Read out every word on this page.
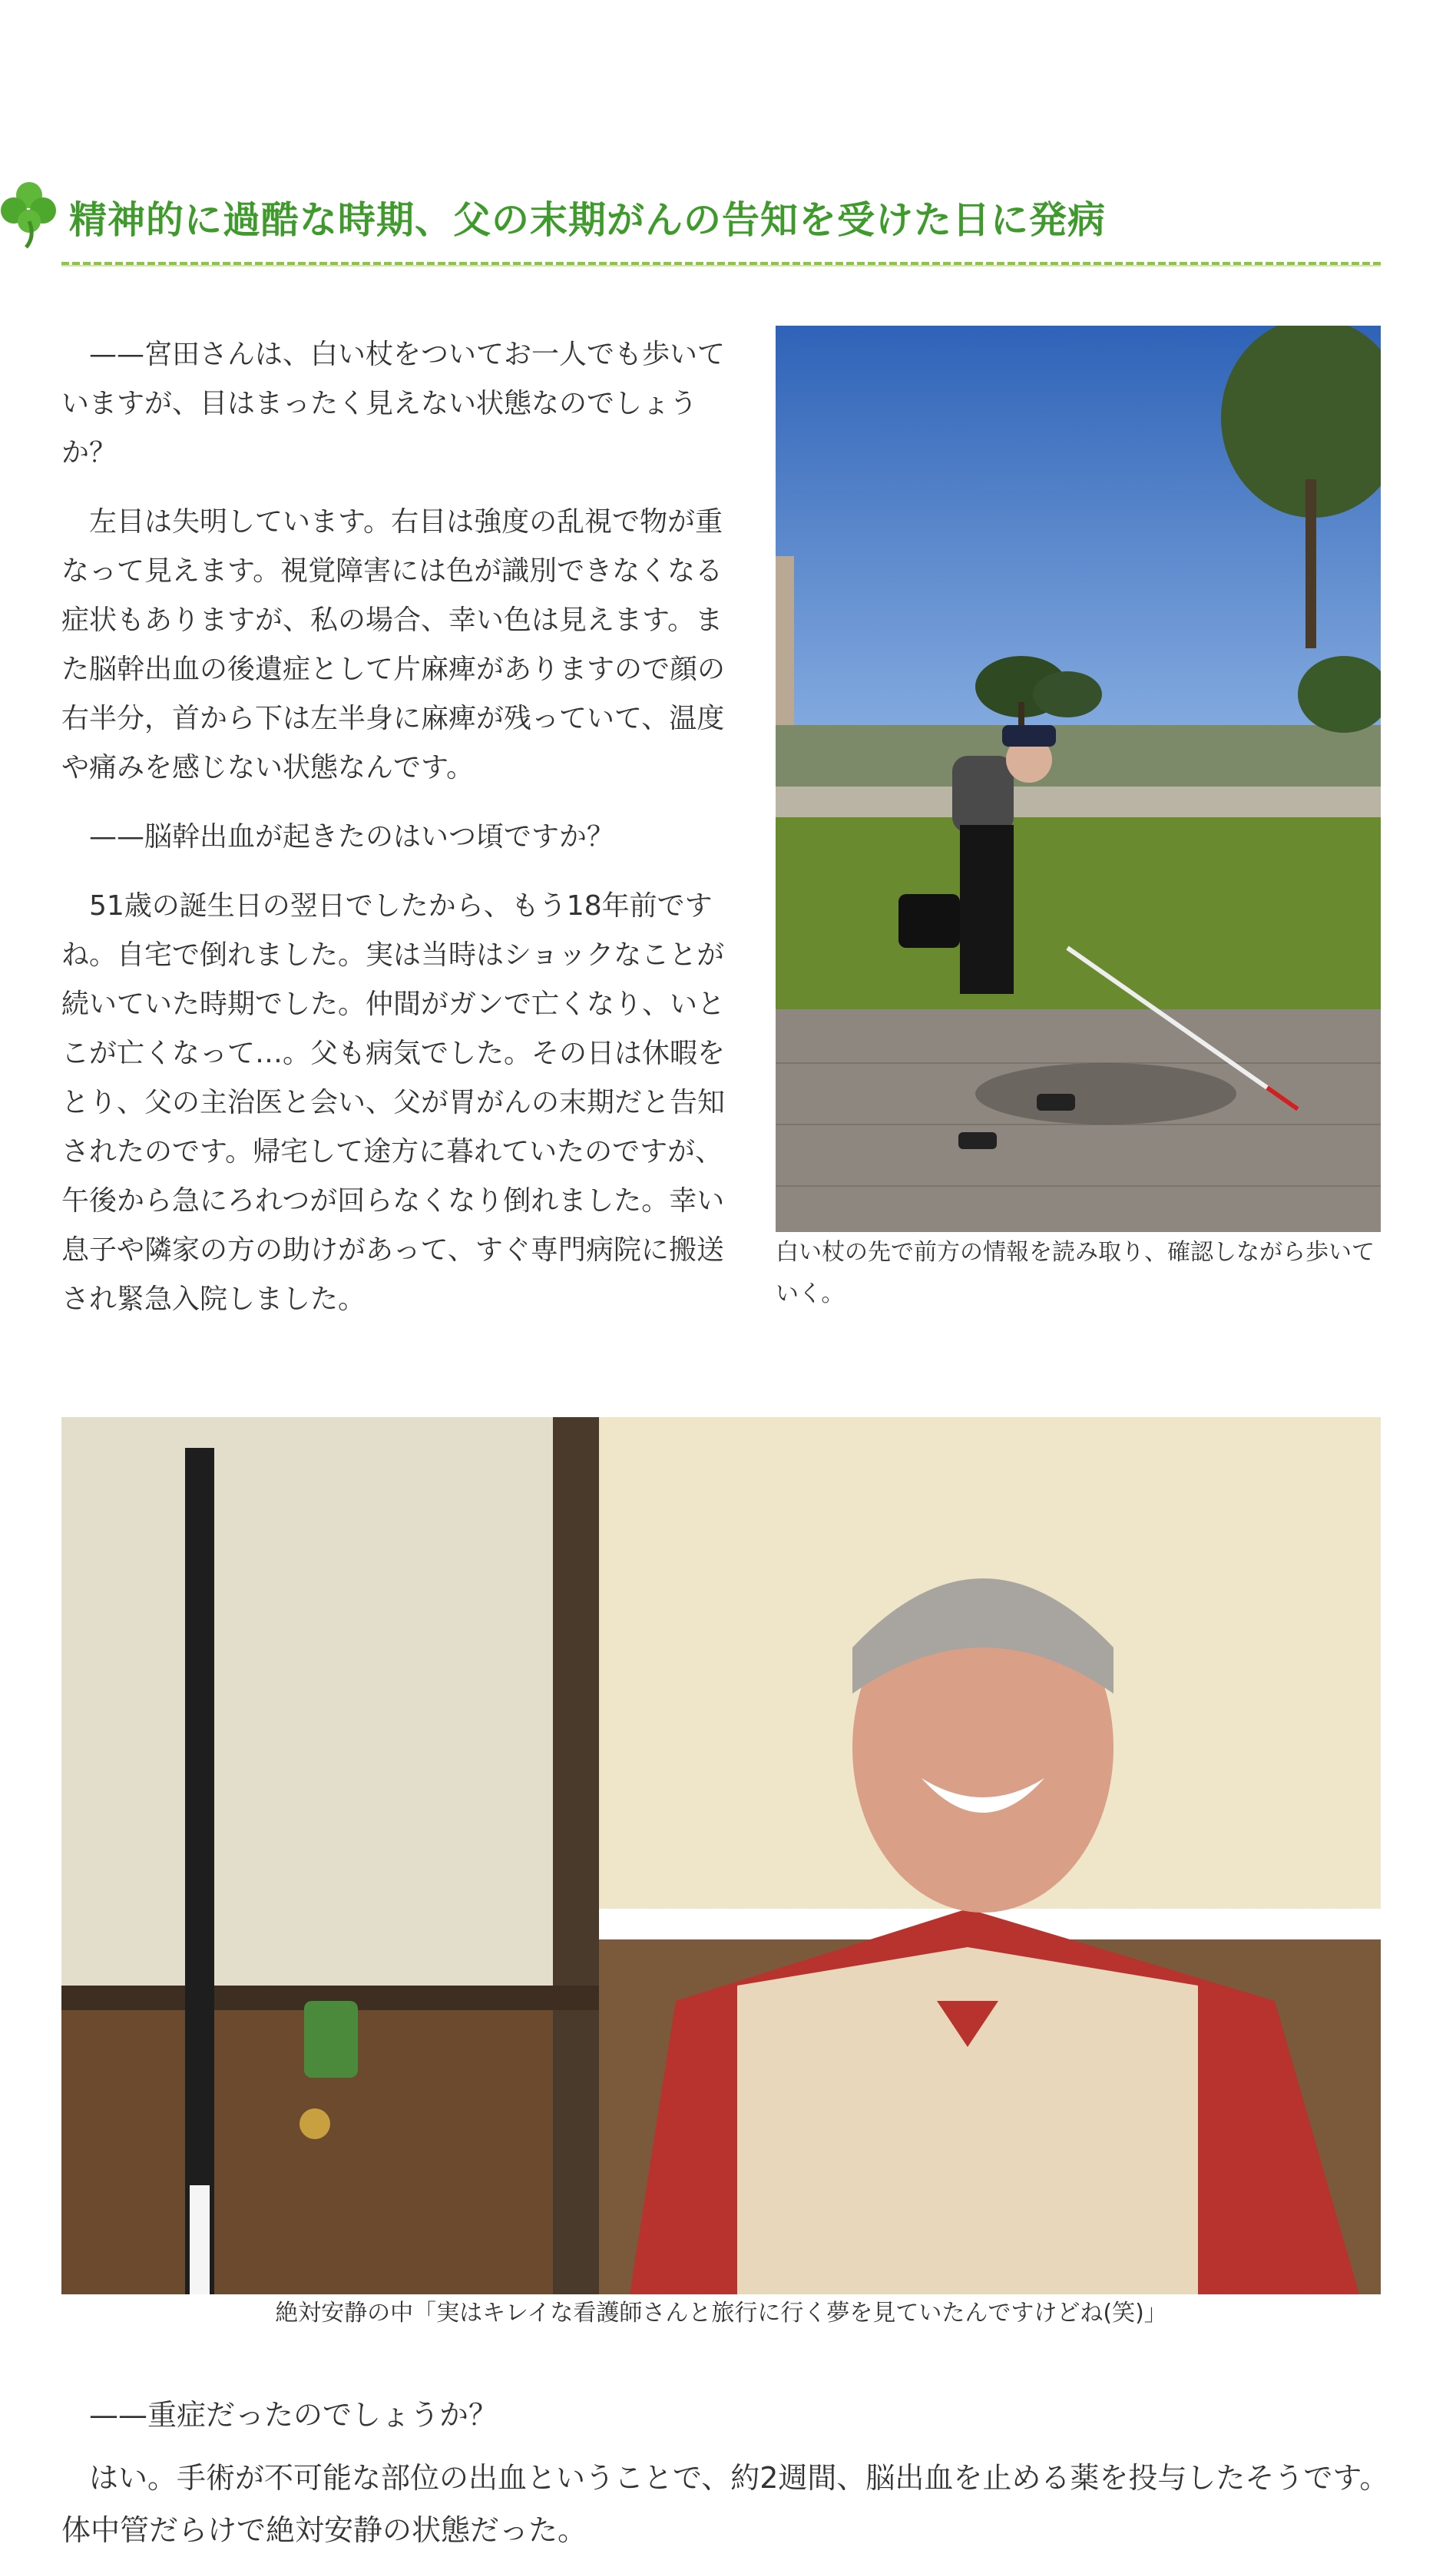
精神的に過酷な時期、父の末期がんの告知を受けた日に発病

——宮田さんは、白い杖をついてお一人でも歩いていますが、目はまったく見えない状態なのでしょうか？

左目は失明しています。右目は強度の乱視で物が重なって見えます。視覚障害には色が識別できなくなる症状もありますが、私の場合、幸い色は見えます。また脳幹出血の後遺症として片麻痺がありますので顔の右半分，首から下は左半身に麻痺が残っていて、温度や痛みを感じない状態なんです。

——脳幹出血が起きたのはいつ頃ですか？

51歳の誕生日の翌日でしたから、もう18年前ですね。自宅で倒れました。実は当時はショックなことが続いていた時期でした。仲間がガンで亡くなり、いとこが亡くなって…。父も病気でした。その日は休暇をとり、父の主治医と会い、父が胃がんの末期だと告知されたのです。帰宅して途方に暮れていたのですが、午後から急にろれつが回らなくなり倒れました。幸い息子や隣家の方の助けがあって、すぐ専門病院に搬送され緊急入院しました。

白い杖の先で前方の情報を読み取り、確認しながら歩いていく。

絶対安静の中「実はキレイな看護師さんと旅行に行く夢を見ていたんですけどね(笑)」

——重症だったのでしょうか？

はい。手術が不可能な部位の出血ということで、約2週間、脳出血を止める薬を投与したそうです。体中管だらけで絶対安静の状態だった。
